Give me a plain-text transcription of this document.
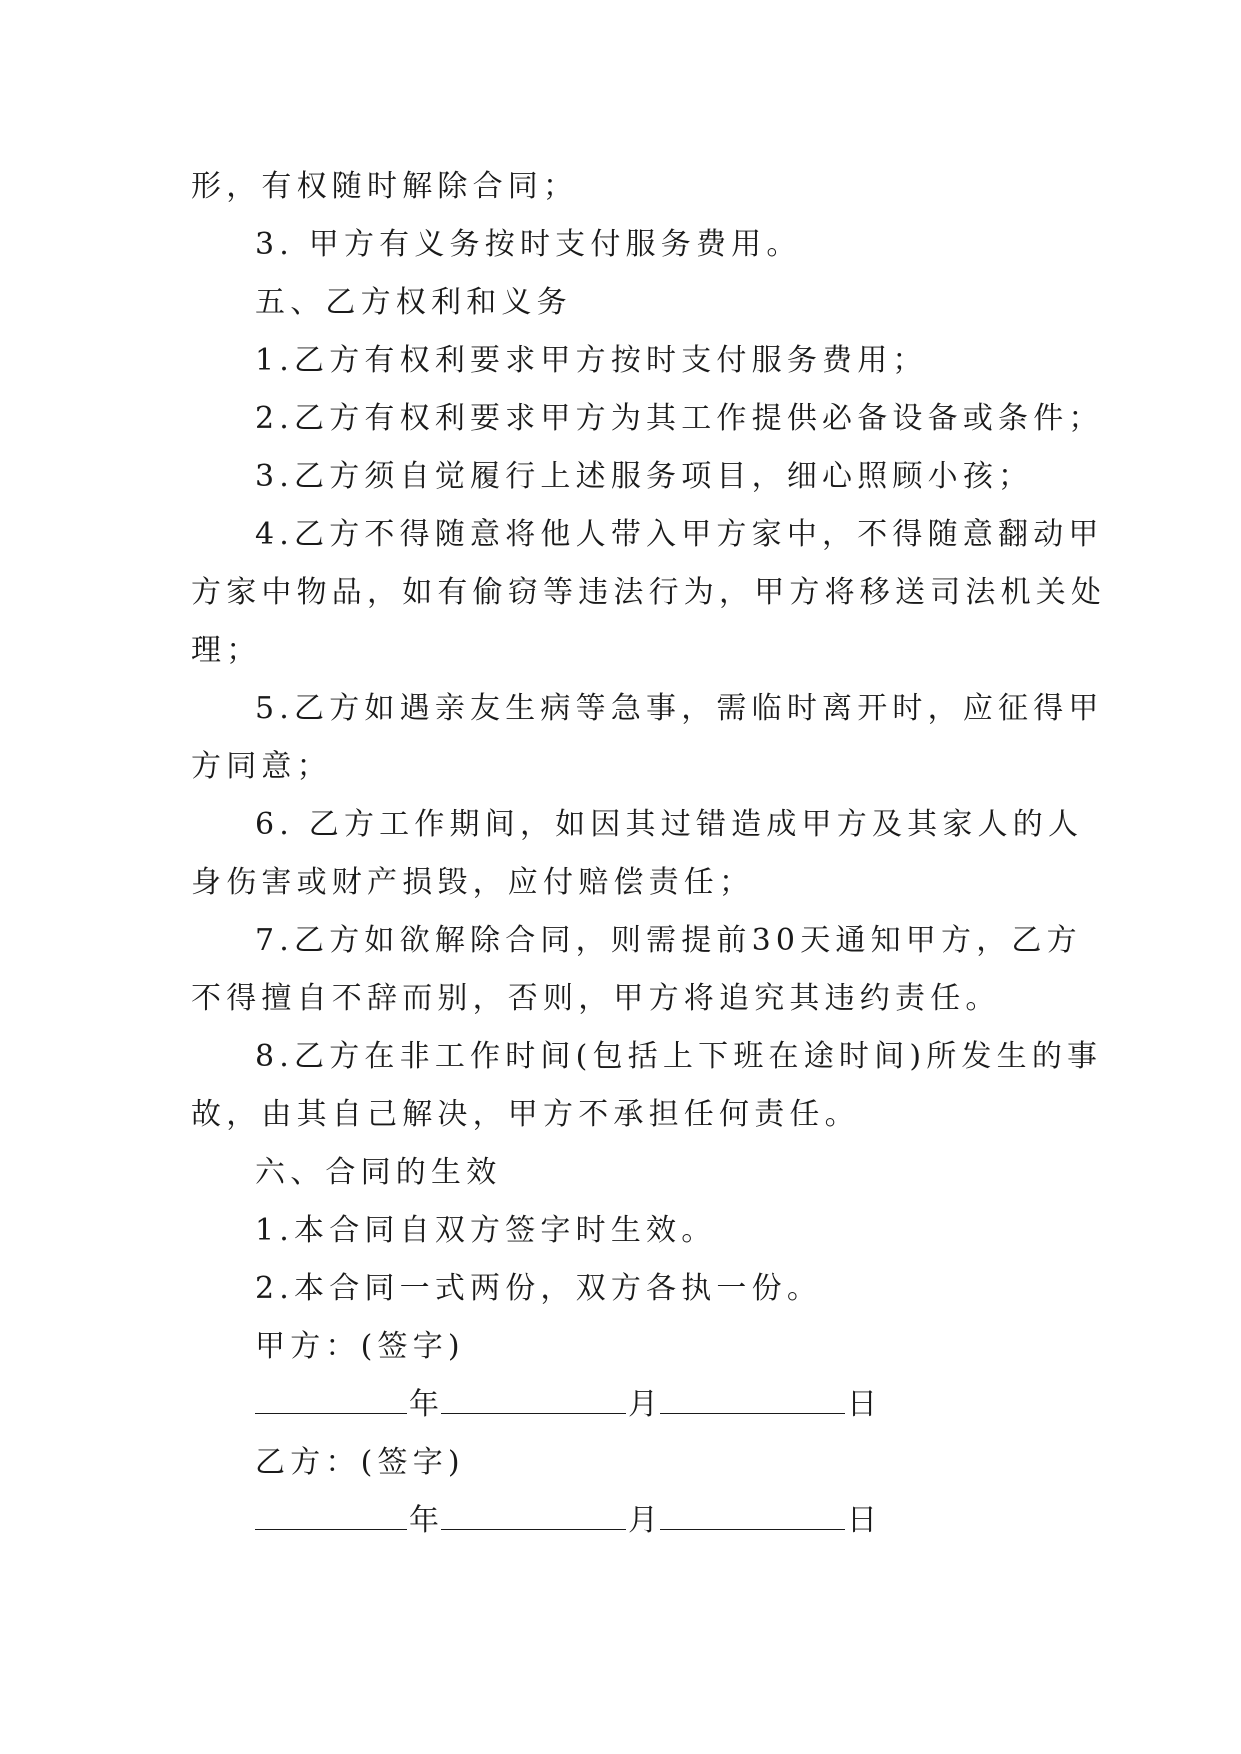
形，有权随时解除合同；
3. 甲方有义务按时支付服务费用。
五、乙方权利和义务
1.乙方有权利要求甲方按时支付服务费用；
2.乙方有权利要求甲方为其工作提供必备设备或条件；
3.乙方须自觉履行上述服务项目，细心照顾小孩；
4.乙方不得随意将他人带入甲方家中，不得随意翻动甲
方家中物品，如有偷窃等违法行为，甲方将移送司法机关处
理；
5.乙方如遇亲友生病等急事，需临时离开时，应征得甲
方同意；
6. 乙方工作期间，如因其过错造成甲方及其家人的人
身伤害或财产损毁，应付赔偿责任；
7.乙方如欲解除合同，则需提前30天通知甲方，乙方
不得擅自不辞而别，否则，甲方将追究其违约责任。
8.乙方在非工作时间(包括上下班在途时间)所发生的事
故，由其自己解决，甲方不承担任何责任。
六、合同的生效
1.本合同自双方签字时生效。
2.本合同一式两份，双方各执一份。
甲方：(签字)
年	月	日
乙方：(签字)
年	月	日
